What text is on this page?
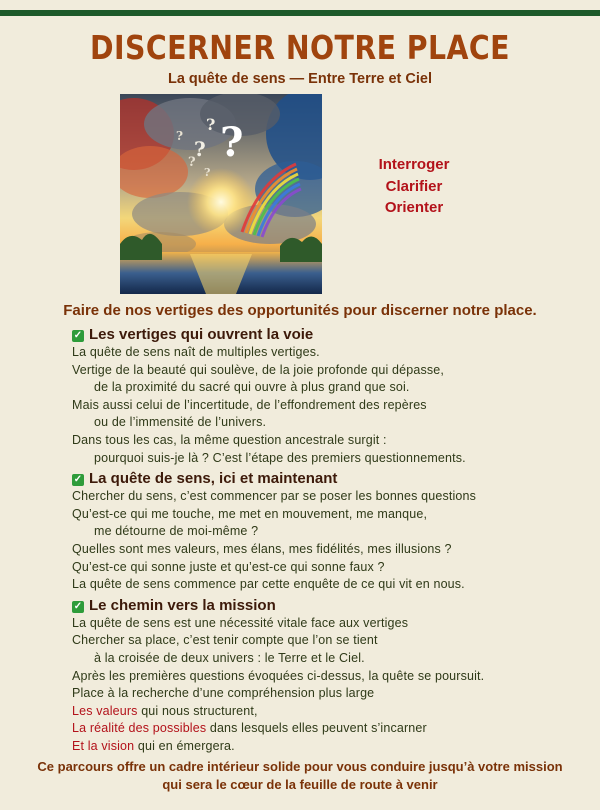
DISCERNER NOTRE PLACE
La quête de sens — Entre Terre et Ciel
?
?
?
?
?
?	Interroger
Clarifier
Orienter
Faire de nos vertiges des opportunités pour discerner notre place.
✓ Les vertiges qui ouvrent la voie
La quête de sens naît de multiples vertiges.
Vertige de la beauté qui soulève, de la joie profonde qui dépasse,
de la proximité du sacré qui ouvre à plus grand que soi.
Mais aussi celui de l’incertitude, de l’effondrement des repères
ou de l’immensité de l’univers.
Dans tous les cas, la même question ancestrale surgit :
pourquoi suis-je là ? C’est l’étape des premiers questionnements.
✓ La quête de sens, ici et maintenant
Chercher du sens, c’est commencer par se poser les bonnes questions
Qu’est-ce qui me touche, me met en mouvement, me manque,
me détourne de moi-même ?
Quelles sont mes valeurs, mes élans, mes fidélités, mes illusions ?
Qu’est-ce qui sonne juste et qu’est-ce qui sonne faux ?
La quête de sens commence par cette enquête de ce qui vit en nous.
✓ Le chemin vers la mission
La quête de sens est une nécessité vitale face aux vertiges
Chercher sa place, c’est tenir compte que l’on se tient
à la croisée de deux univers : le Terre et le Ciel.
Après les premières questions évoquées ci-dessus, la quête se poursuit.
Place à la recherche d’une compréhension plus large
Les valeurs qui nous structurent,
La réalité des possibles dans lesquels elles peuvent s’incarner
Et la vision qui en émergera.
Ce parcours offre un cadre intérieur solide pour vous conduire jusqu’à votre mission
qui sera le cœur de la feuille de route à venir
